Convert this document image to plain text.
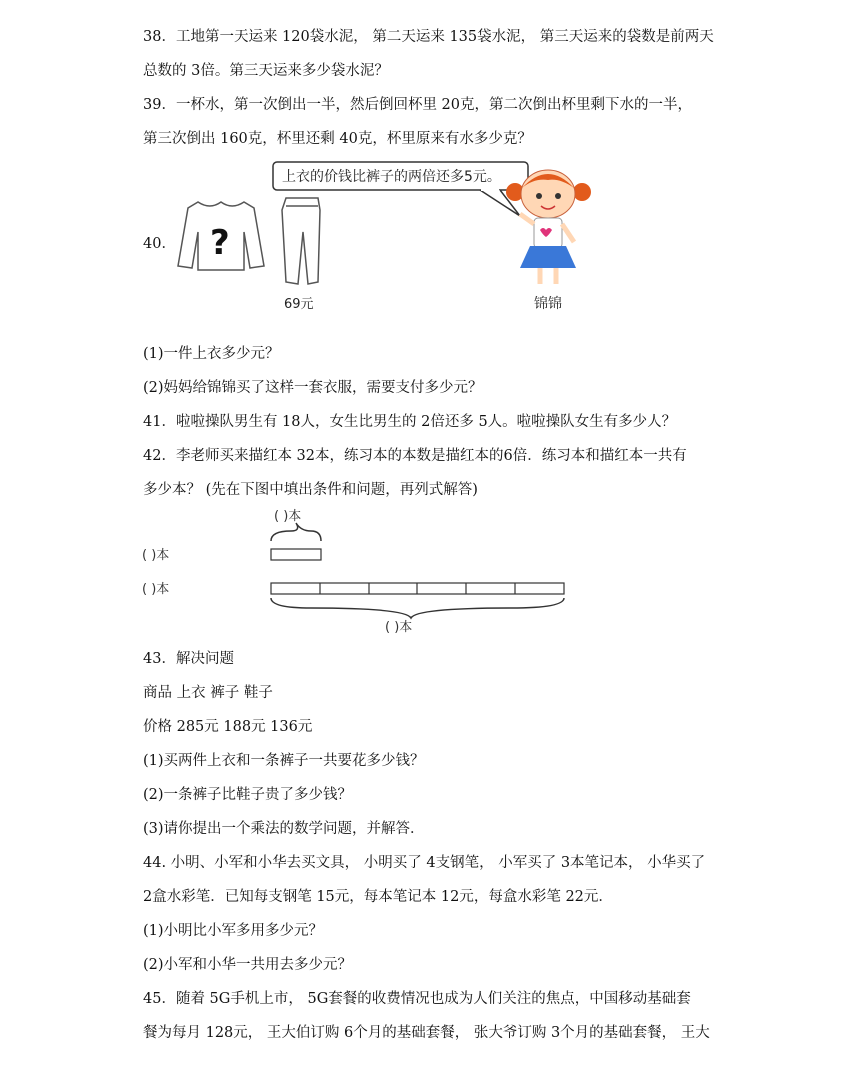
38．工地第一天运来 120袋水泥， 第二天运来 135袋水泥， 第三天运来的袋数是前两天
总数的 3倍。第三天运来多少袋水泥？
39．一杯水，第一次倒出一半，然后倒回杯里 20克，第二次倒出杯里剩下水的一半，
第三次倒出 160克，杯里还剩 40克，杯里原来有水多少克？
40．
上衣的价钱比裤子的两倍还多5元。
?
69元	锦锦
(1)一件上衣多少元？
(2)妈妈给锦锦买了这样一套衣服，需要支付多少元？
41．啦啦操队男生有 18人，女生比男生的 2倍还多 5人。啦啦操队女生有多少人？
42．李老师买来描红本 32本，练习本的本数是描红本的6倍．练习本和描红本一共有
多少本？ (先在下图中填出条件和问题，再列式解答)
( )本
( )本
( )本
( )本
43．解决问题
商品 上衣 裤子 鞋子
价格 285元 188元 136元
(1)买两件上衣和一条裤子一共要花多少钱？
(2)一条裤子比鞋子贵了多少钱？
(3)请你提出一个乘法的数学问题，并解答．
44. 小明、小军和小华去买文具， 小明买了 4支钢笔， 小军买了 3本笔记本， 小华买了
2盒水彩笔．已知每支钢笔 15元，每本笔记本 12元，每盒水彩笔 22元．
(1)小明比小军多用多少元？
(2)小军和小华一共用去多少元？
45．随着 5G手机上市， 5G套餐的收费情况也成为人们关注的焦点，中国移动基础套
餐为每月 128元， 王大伯订购 6个月的基础套餐， 张大爷订购 3个月的基础套餐， 王大
